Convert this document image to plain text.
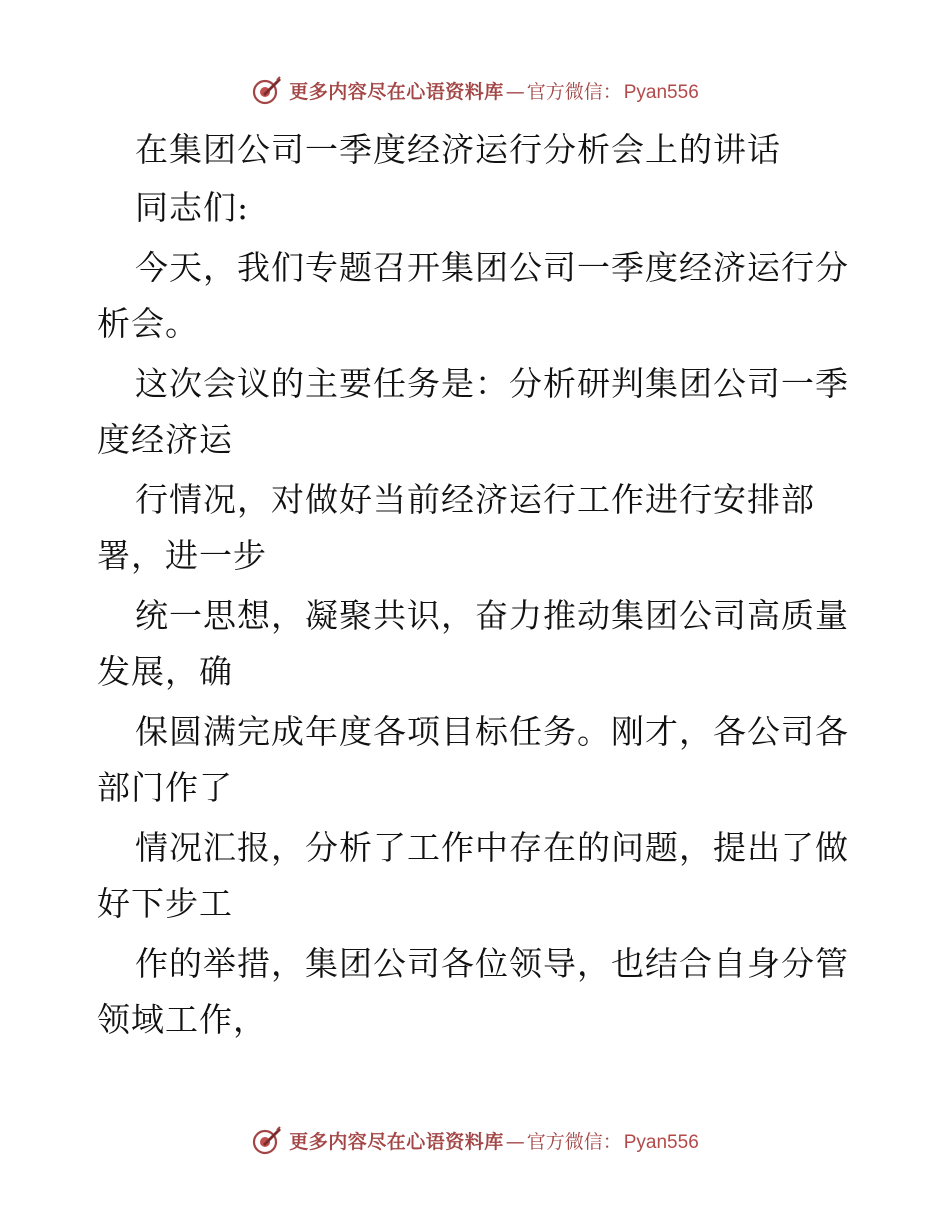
更多内容尽在心语资料库 — 官方微信： Pyan556
在集团公司一季度经济运行分析会上的讲话
同志们:
今天，我们专题召开集团公司一季度经济运行分
析会。
这次会议的主要任务是：分析研判集团公司一季
度经济运
行情况，对做好当前经济运行工作进行安排部
署，进一步
统一思想，凝聚共识，奋力推动集团公司高质量
发展，确
保圆满完成年度各项目标任务。刚才，各公司各
部门作了
情况汇报，分析了工作中存在的问题，提出了做
好下步工
作的举措，集团公司各位领导，也结合自身分管
领域工作，
更多内容尽在心语资料库 — 官方微信： Pyan556
